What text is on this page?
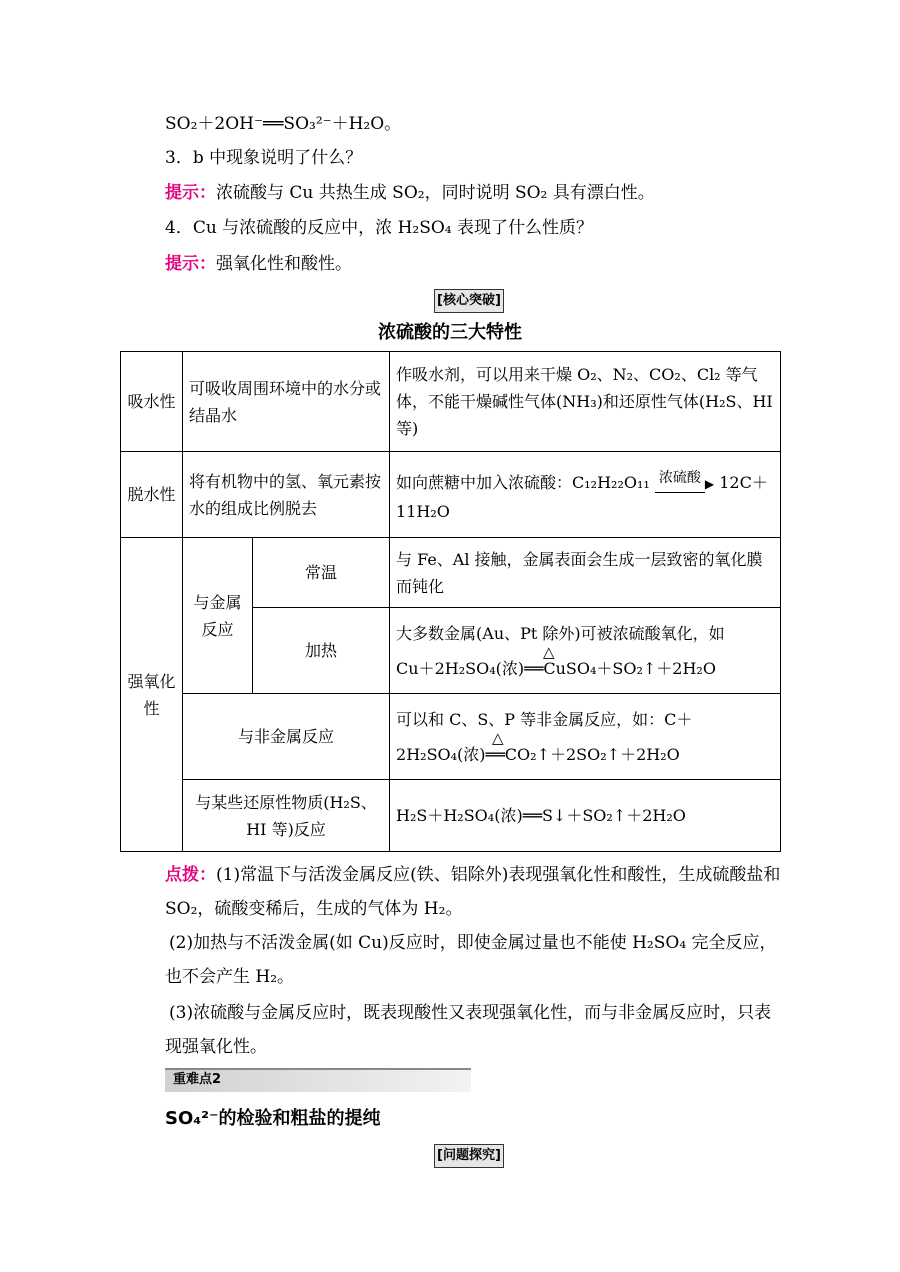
SO₂＋2OH⁻══SO₃²⁻＋H₂O。
3．b 中现象说明了什么？
提示：浓硫酸与 Cu 共热生成 SO₂，同时说明 SO₂ 具有漂白性。
4．Cu 与浓硫酸的反应中，浓 H₂SO₄ 表现了什么性质？
提示：强氧化性和酸性。
[核心突破]
浓硫酸的三大特性
吸水性	可吸收周围环境中的水分或结晶水		作吸水剂，可以用来干燥 O₂、N₂、CO₂、Cl₂ 等气体，不能干燥碱性气体(NH₃)和还原性气体(H₂S、HI 等)
脱水性	将有机物中的氢、氧元素按水的组成比例脱去		如向蔗糖中加入浓硫酸：C₁₂H₂₂O₁₁ 浓硫酸 ▶ 12C＋11H₂O
强氧化性	与金属反应	常温	与 Fe、Al 接触，金属表面会生成一层致密的氧化膜而钝化
		加热	大多数金属(Au、Pt 除外)可被浓硫酸氧化，如
△
Cu＋2H₂SO₄(浓)══CuSO₄＋SO₂↑＋2H₂O

	与非金属反应		可以和 C、S、P 等非金属反应，如：C＋
△
2H₂SO₄(浓)══CO₂↑＋2SO₂↑＋2H₂O

	与某些还原性物质(H₂S、HI 等)反应		H₂S＋H₂SO₄(浓)══S↓＋SO₂↑＋2H₂O
点拨：(1)常温下与活泼金属反应(铁、铝除外)表现强氧化性和酸性，生成硫酸盐和 SO₂，硫酸变稀后，生成的气体为 H₂。
(2)加热与不活泼金属(如 Cu)反应时，即使金属过量也不能使 H₂SO₄ 完全反应，也不会产生 H₂。
(3)浓硫酸与金属反应时，既表现酸性又表现强氧化性，而与非金属反应时，只表现强氧化性。
重难点2
SO₄²⁻的检验和粗盐的提纯
[问题探究]
